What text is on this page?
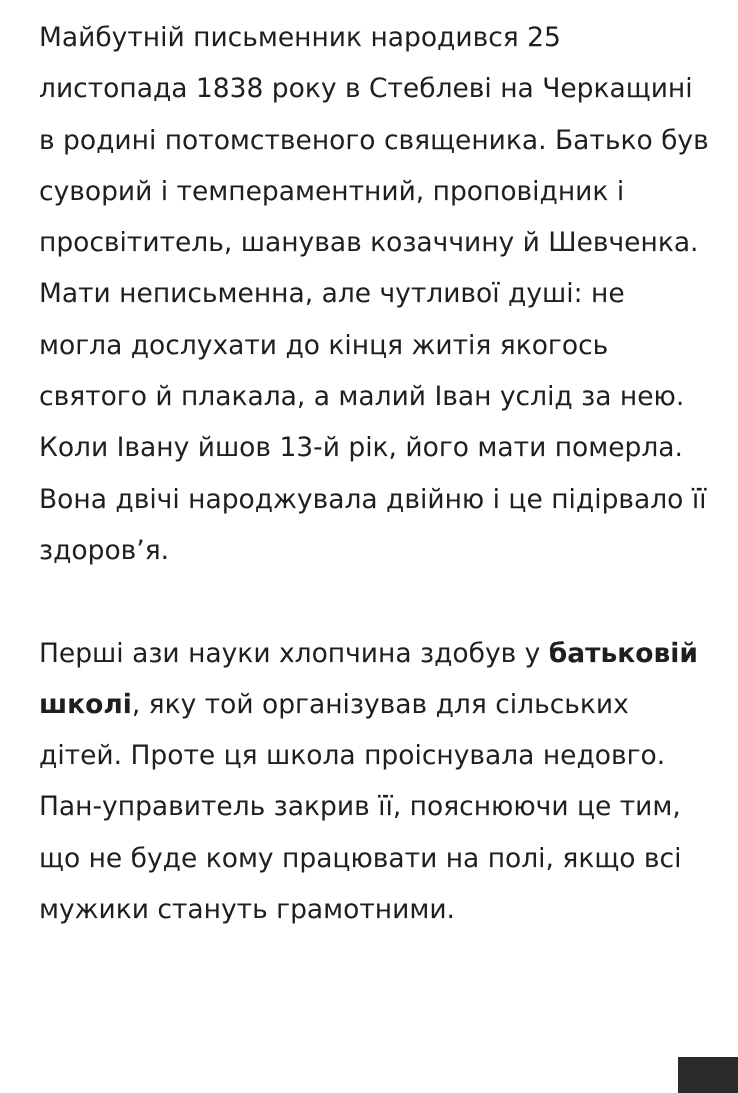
Майбутній письменник народився 25 листопада 1838 року в Стеблеві на Черкащині в родині потомственого священика. Батько був суворий і темпераментний, проповідник і просвітитель, шанував козаччину й Шевченка. Мати неписьменна, але чутливої душі: не могла дослухати до кінця житія якогось святого й плакала, а малий Іван услід за нею. Коли Івану йшов 13-й рік, його мати померла. Вона двічі народжувала двійню і це підірвало її здоров’я.

Перші ази науки хлопчина здобув у батьковій школі, яку той організував для сільських дітей. Проте ця школа проіснувала недовго. Пан-управитель закрив її, пояснюючи це тим, що не буде кому працювати на полі, якщо всі мужики стануть грамотними.
